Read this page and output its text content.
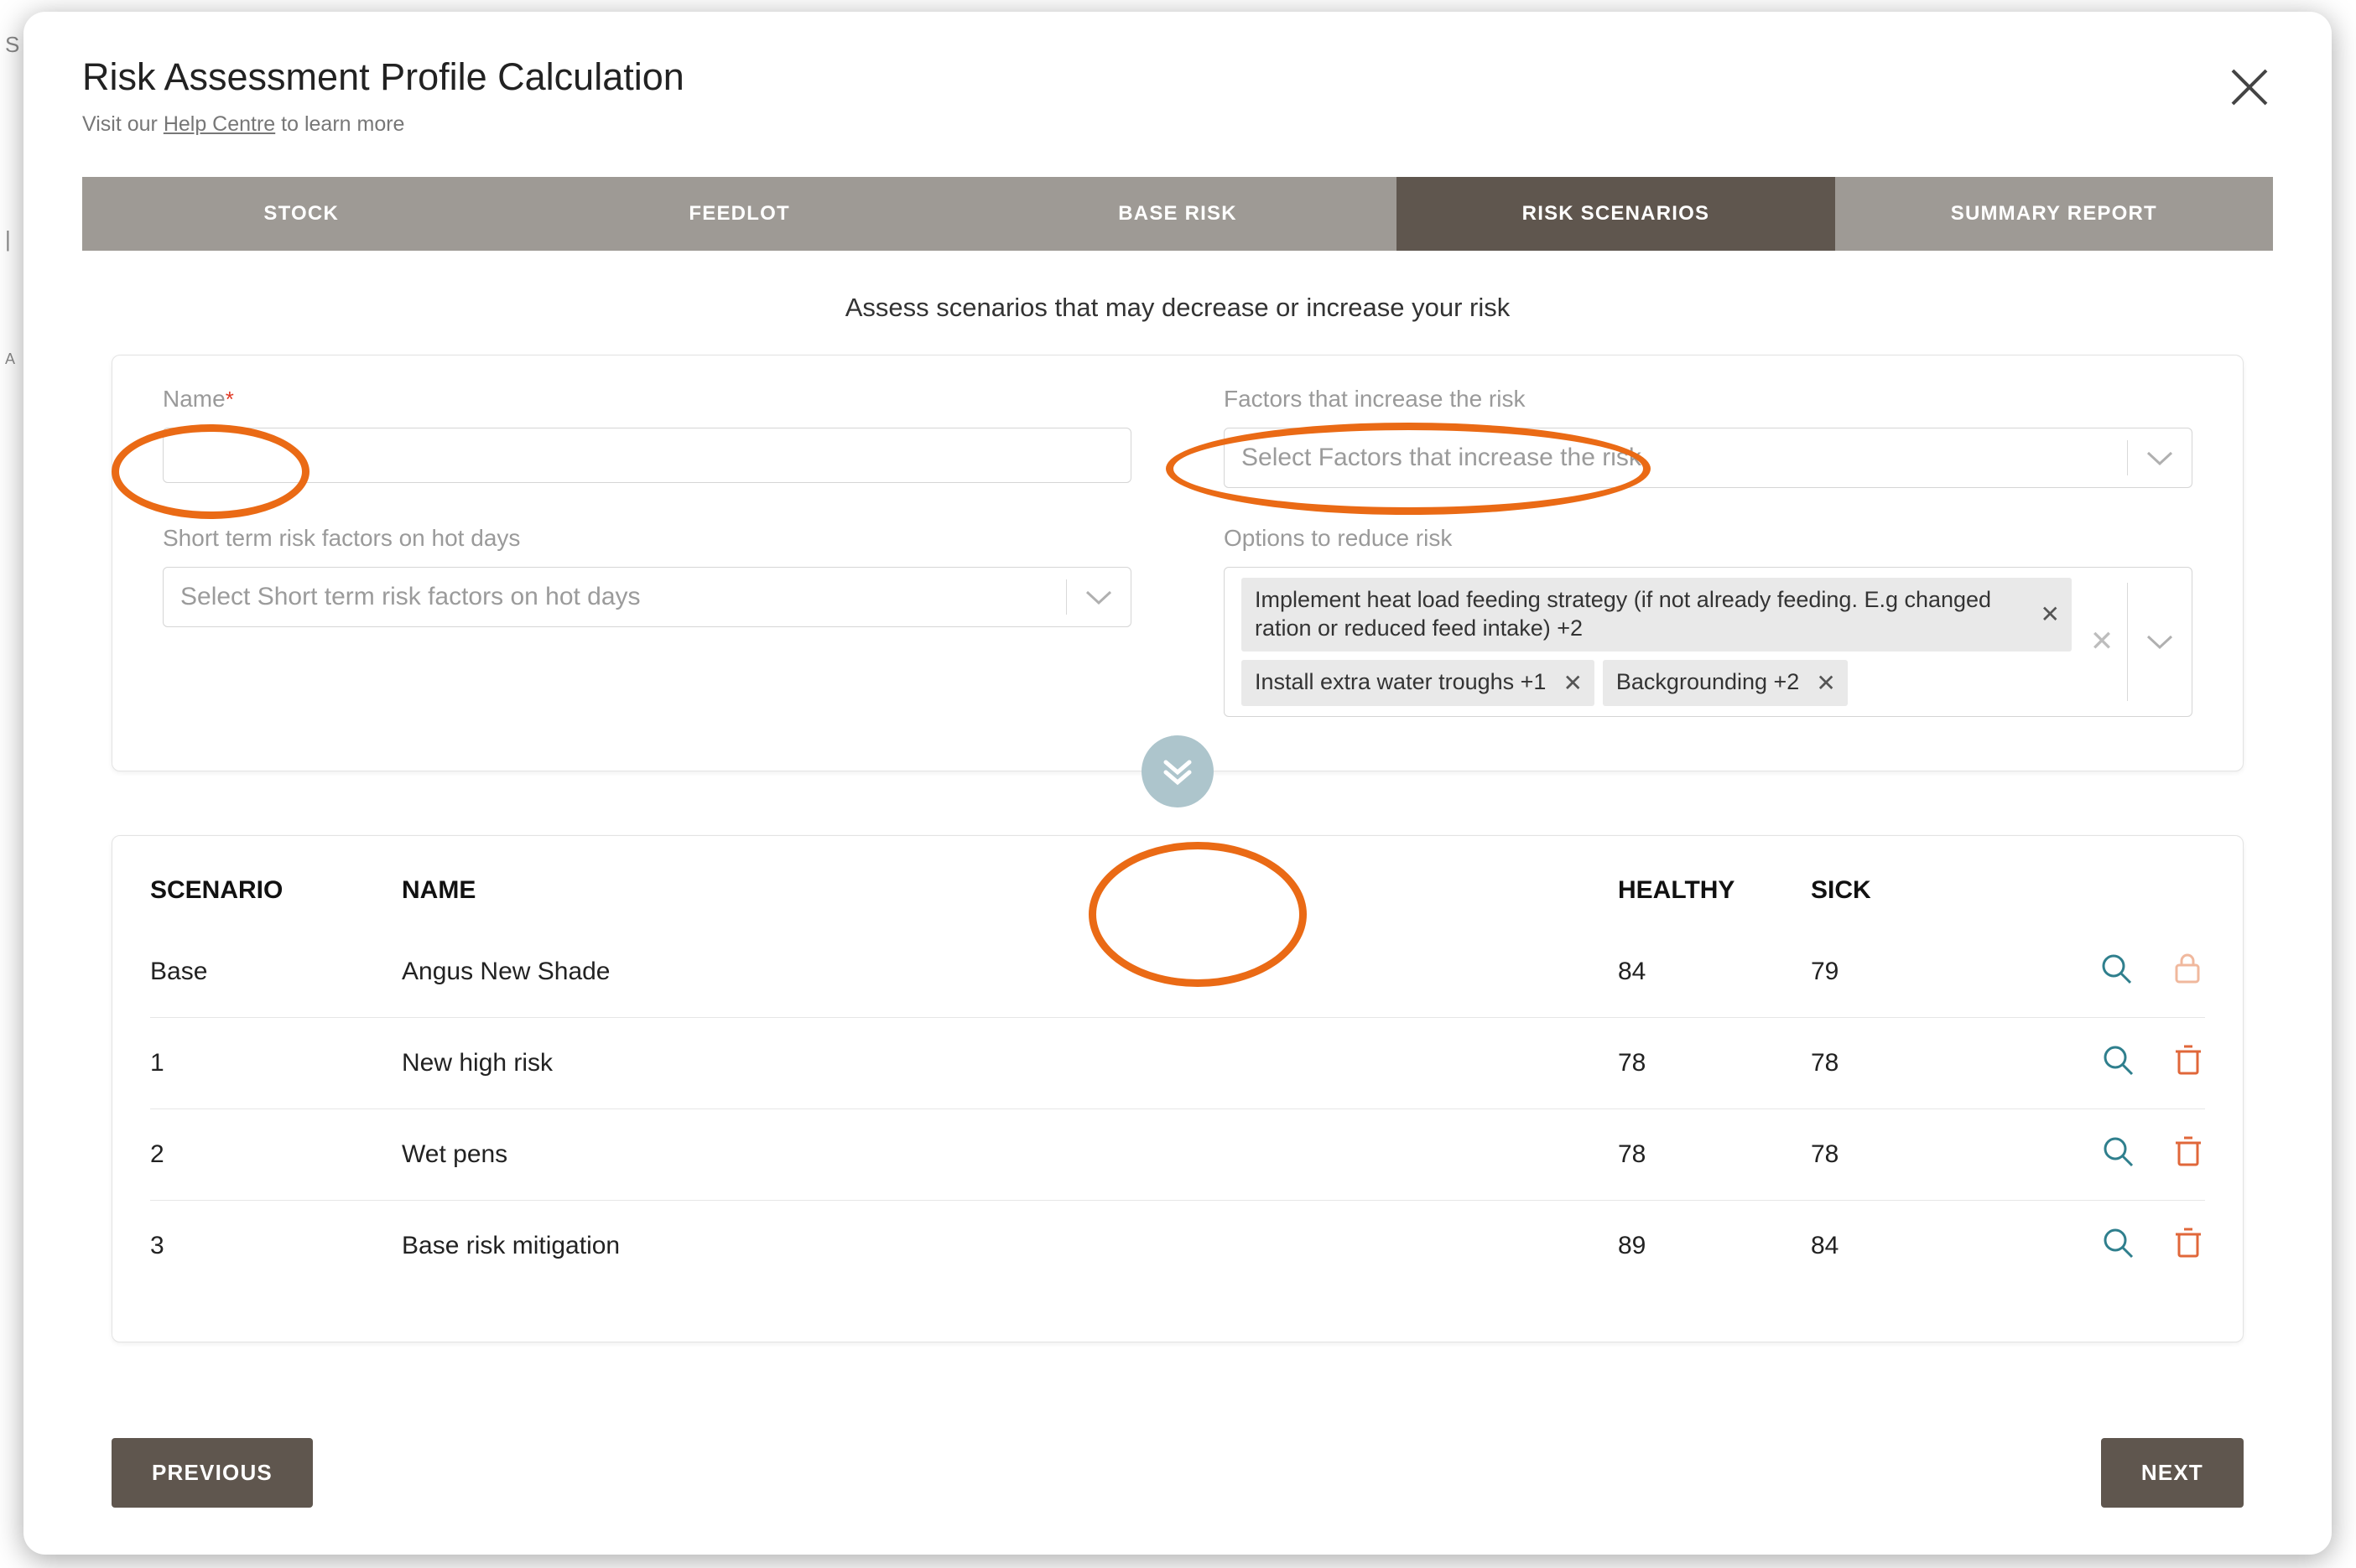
S
|
A
Risk Assessment Profile Calculation
Visit our Help Centre to learn more
STOCK	FEEDLOT	BASE RISK	RISK SCENARIOS	SUMMARY REPORT
Assess scenarios that may decrease or increase your risk
Name*	Factors that increase the risk
Select Factors that increase the risk
Short term risk factors on hot days
Select Short term risk factors on hot days
Options to reduce risk
Implement heat load feeding strategy (if not already feeding. E.g changed ration or reduced feed intake) +2
✕
Install extra water troughs +1 ✕ Backgrounding +2 ✕
✕
SCENARIO	NAME	HEALTHY	SICK	
Base	Angus New Shade	84	79	
1	New high risk	78	78	
2	Wet pens	78	78	
3	Base risk mitigation	89	84	
PREVIOUS	NEXT
